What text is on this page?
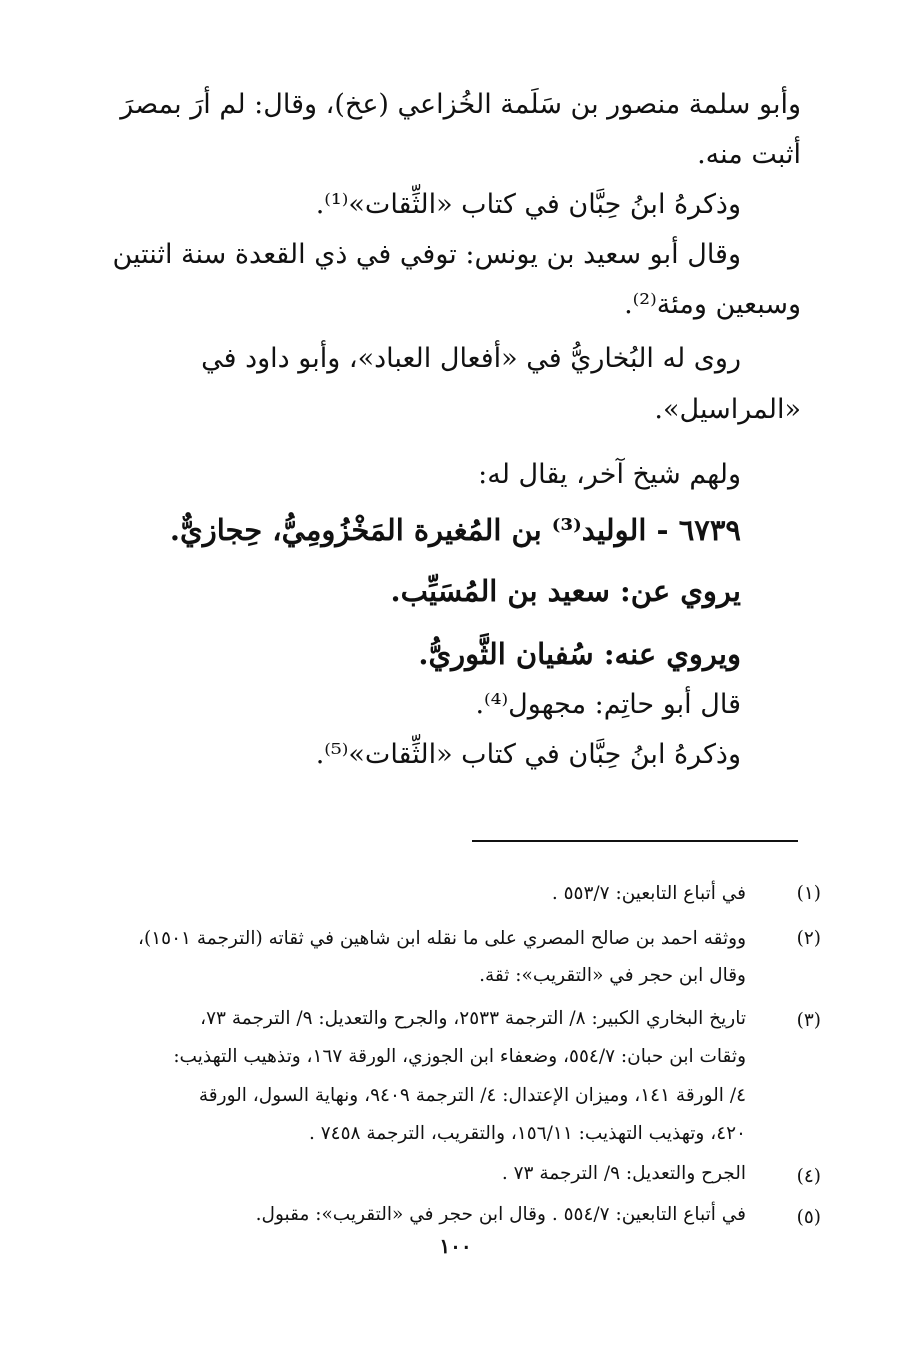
وأبو سلمة منصور بن سَلَمة الخُزاعي (عخ)، وقال: لم أرَ بمصرَ

أثبت منه.

وذكرهُ ابنُ حِبَّان في كتاب «الثِّقات»⁽¹⁾.

وقال أبو سعيد بن يونس: توفي في ذي القعدة سنة اثنتين

وسبعين ومئة⁽²⁾.

روى له البُخاريُّ في «أفعال العباد»، وأبو داود في

«المراسيل».

ولهم شيخ آخر، يقال له:

٦٧٣٩ - الوليد⁽³⁾ بن المُغيرة المَخْزُومِيُّ، حِجازيٌّ.

يروي عن: سعيد بن المُسَيِّب.

ويروي عنه: سُفيان الثَّوريُّ.

قال أبو حاتِم: مجهول⁽⁴⁾.

وذكرهُ ابنُ حِبَّان في كتاب «الثِّقات»⁽⁵⁾.

(١)

في أتباع التابعين: ٥٥٣/٧ .

(٢)

ووثقه احمد بن صالح المصري على ما نقله ابن شاهين في ثقاته (الترجمة ١٥٠١)،

وقال ابن حجر في «التقريب»: ثقة.

(٣)

تاريخ البخاري الكبير: ٨/ الترجمة ٢٥٣٣، والجرح والتعديل: ٩/ الترجمة ٧٣،

وثقات ابن حبان: ٥٥٤/٧، وضعفاء ابن الجوزي، الورقة ١٦٧، وتذهيب التهذيب:

٤/ الورقة ١٤١، وميزان الإعتدال: ٤/ الترجمة ٩٤٠٩، ونهاية السول، الورقة

٤٢٠، وتهذيب التهذيب: ١٥٦/١١، والتقريب، الترجمة ٧٤٥٨ .

(٤)

الجرح والتعديل: ٩/ الترجمة ٧٣ .

(٥)

في أتباع التابعين: ٥٥٤/٧ . وقال ابن حجر في «التقريب»: مقبول.

١٠٠
